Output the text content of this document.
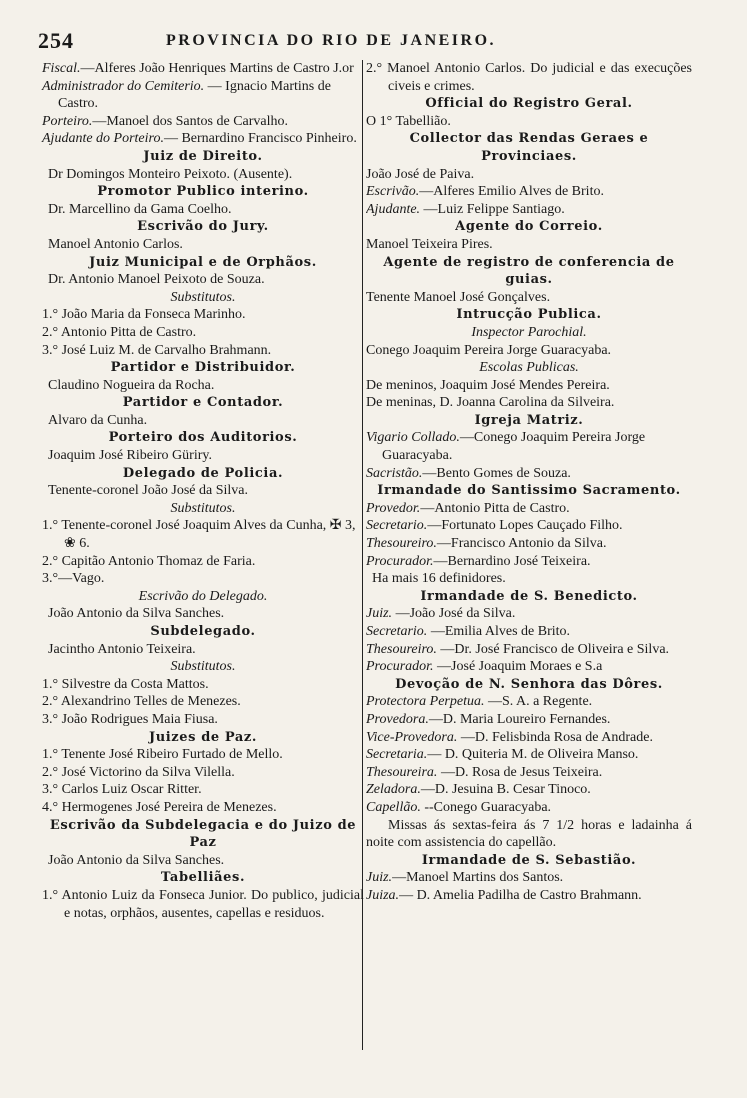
254	PROVINCIA DO RIO DE JANEIRO.
Fiscal.—Alferes João Henriques Martins de Castro J.or
Administrador do Cemiterio. — Ignacio Martins de Castro.
Porteiro.—Manoel dos Santos de Carvalho.
Ajudante do Porteiro.— Bernardino Francisco Pinheiro.
Juiz de Direito.
Dr Domingos Monteiro Peixoto. (Ausente).
Promotor Publico interino.
Dr. Marcellino da Gama Coelho.
Escrivão do Jury.
Manoel Antonio Carlos.
Juiz Municipal e de Orphãos.
Dr. Antonio Manoel Peixoto de Souza.
Substitutos.
1.° João Maria da Fonseca Marinho.
2.° Antonio Pitta de Castro.
3.° José Luiz M. de Carvalho Brahmann.
Partidor e Distribuidor.
Claudino Nogueira da Rocha.
Partidor e Contador.
Alvaro da Cunha.
Porteiro dos Auditorios.
Joaquim José Ribeiro Güriry.
Delegado de Policia.
Tenente-coronel João José da Silva.
Substitutos.
1.° Tenente-coronel José Joaquim Alves da Cunha, ✠ 3, ❀ 6.
2.° Capitão Antonio Thomaz de Faria.
3.°—Vago.
Escrivão do Delegado.
João Antonio da Silva Sanches.
Subdelegado.
Jacintho Antonio Teixeira.
Substitutos.
1.° Silvestre da Costa Mattos.
2.° Alexandrino Telles de Menezes.
3.° João Rodrigues Maia Fiusa.
Juizes de Paz.
1.° Tenente José Ribeiro Furtado de Mello.
2.° José Victorino da Silva Vilella.
3.° Carlos Luiz Oscar Ritter.
4.° Hermogenes José Pereira de Menezes.
Escrivão da Subdelegacia e do Juizo de Paz
João Antonio da Silva Sanches.
Tabelliães.
1.° Antonio Luiz da Fonseca Junior. Do publico, judicial e notas, orphãos, ausentes, capellas e residuos.
2.° Manoel Antonio Carlos. Do judicial e das execuções civeis e crimes.
Official do Registro Geral.
O 1° Tabellião.
Collector das Rendas Geraes e Provinciaes.
João José de Paiva.
Escrivão.—Alferes Emilio Alves de Brito.
Ajudante. —Luiz Felippe Santiago.
Agente do Correio.
Manoel Teixeira Pires.
Agente de registro de conferencia de guias.
Tenente Manoel José Gonçalves.
Intrucção Publica.
Inspector Parochial.
Conego Joaquim Pereira Jorge Guaracyaba.
Escolas Publicas.
De meninos, Joaquim José Mendes Pereira.
De meninas, D. Joanna Carolina da Silveira.
Igreja Matriz.
Vigario Collado.—Conego Joaquim Pereira Jorge Guaracyaba.
Sacristão.—Bento Gomes de Souza.
Irmandade do Santissimo Sacramento.
Provedor.—Antonio Pitta de Castro.
Secretario.—Fortunato Lopes Cauçado Filho.
Thesoureiro.—Francisco Antonio da Silva.
Procurador.—Bernardino José Teixeira.
Ha mais 16 definidores.
Irmandade de S. Benedicto.
Juiz. —João José da Silva.
Secretario. —Emilia Alves de Brito.
Thesoureiro. —Dr. José Francisco de Oliveira e Silva.
Procurador. —José Joaquim Moraes e S.a
Devoção de N. Senhora das Dôres.
Protectora Perpetua. —S. A. a Regente.
Provedora.—D. Maria Loureiro Fernandes.
Vice-Provedora. —D. Felisbinda Rosa de Andrade.
Secretaria.— D. Quiteria M. de Oliveira Manso.
Thesoureira. —D. Rosa de Jesus Teixeira.
Zeladora.—D. Jesuina B. Cesar Tinoco.
Capellão. --Conego Guaracyaba.
Missas ás sextas-feira ás 7 1/2 horas e ladainha á noite com assistencia do capellão.
Irmandade de S. Sebastião.
Juiz.—Manoel Martins dos Santos.
Juiza.— D. Amelia Padilha de Castro Brahmann.
